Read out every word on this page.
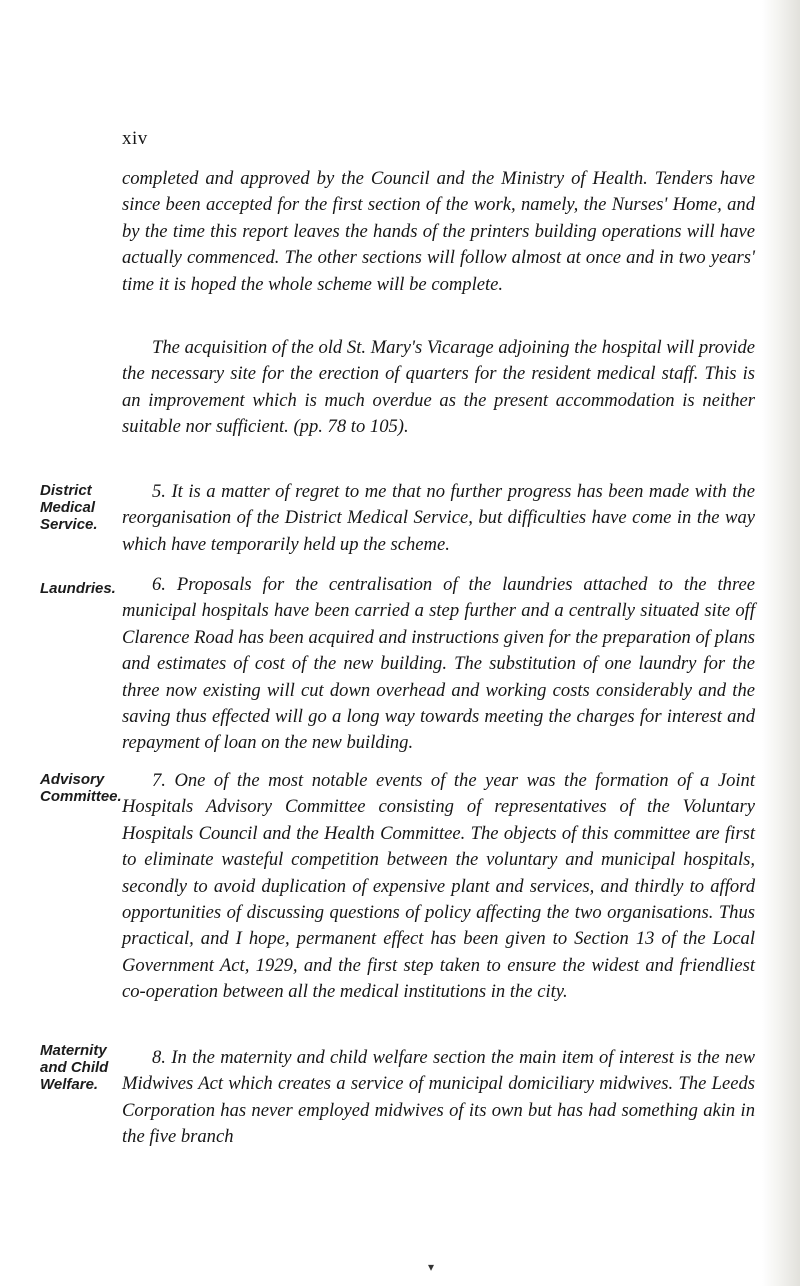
xiv

completed and approved by the Council and the Ministry of Health. Tenders have since been accepted for the first section of the work, namely, the Nurses' Home, and by the time this report leaves the hands of the printers building operations will have actually commenced. The other sections will follow almost at once and in two years' time it is hoped the whole scheme will be complete.

The acquisition of the old St. Mary's Vicarage adjoining the hospital will provide the necessary site for the erection of quarters for the resident medical staff. This is an improvement which is much overdue as the present accommodation is neither suitable nor sufficient. (pp. 78 to 105).

District Medical Service.

5. It is a matter of regret to me that no further progress has been made with the reorganisation of the District Medical Service, but difficulties have come in the way which have temporarily held up the scheme.

Laundries.	6. Proposals for the centralisation of the laundries attached to the three municipal hospitals have been carried a step further and a centrally situated site off Clarence Road has been acquired and instructions given for the preparation of plans and estimates of cost of the new building. The substitution of one laundry for the three now existing will cut down overhead and working costs considerably and the saving thus effected will go a long way towards meeting the charges for interest and repayment of loan on the new building.

Advisory Committee.

7. One of the most notable events of the year was the formation of a Joint Hospitals Advisory Committee consisting of representatives of the Voluntary Hospitals Council and the Health Committee. The objects of this committee are first to eliminate wasteful competition between the voluntary and municipal hospitals, secondly to avoid duplication of expensive plant and services, and thirdly to afford opportunities of discussing questions of policy affecting the two organisations. Thus practical, and I hope, permanent effect has been given to Section 13 of the Local Government Act, 1929, and the first step taken to ensure the widest and friendliest co-operation between all the medical institutions in the city.

Maternity and Child Welfare.

8. In the maternity and child welfare section the main item of interest is the new Midwives Act which creates a service of municipal domiciliary midwives. The Leeds Corporation has never employed midwives of its own but has had something akin in the five branch

▾
